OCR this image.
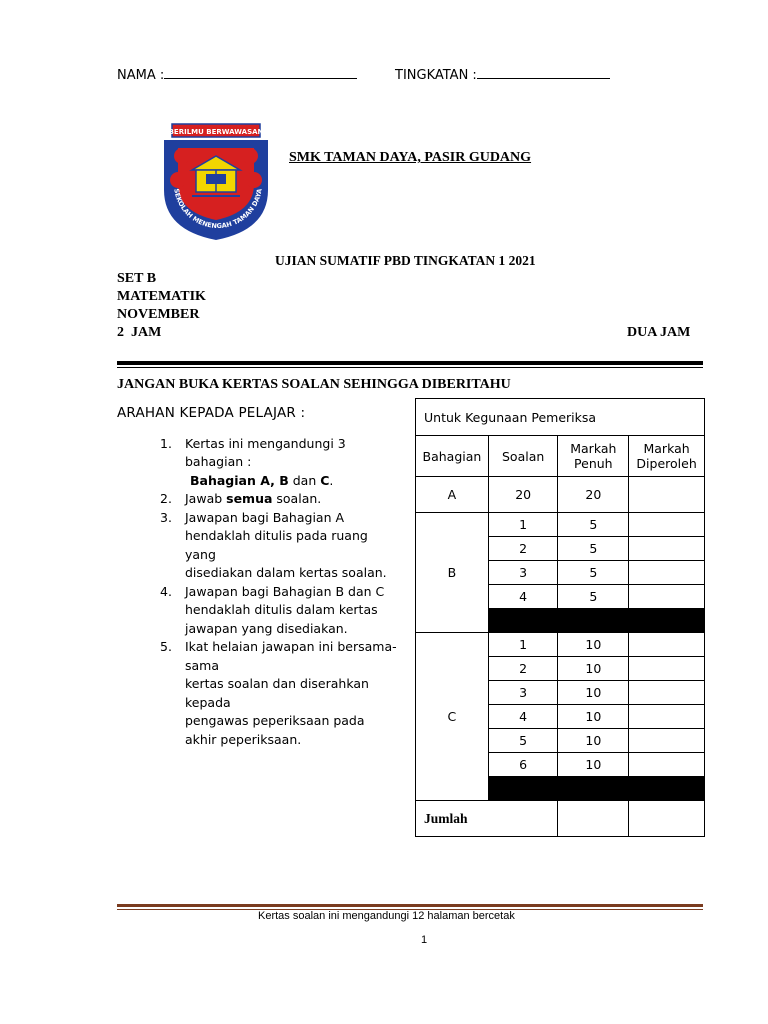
NAMA :	TINGKATAN :
BERILMU BERWAWASAN
SEKOLAH MENENGAH TAMAN DAYA
SMK TAMAN DAYA, PASIR GUDANG
UJIAN SUMATIF PBD TINGKATAN 1 2021
SET B
MATEMATIK
NOVEMBER
2  JAM	DUA JAM
JANGAN BUKA KERTAS SOALAN SEHINGGA DIBERITAHU
ARAHAN KEPADA PELAJAR :
1. Kertas ini mengandungi 3
bahagian :
Bahagian A, B dan C.
2. Jawab semua soalan.
3. Jawapan bagi Bahagian A
hendaklah ditulis pada ruang yang
disediakan dalam kertas soalan.
4. Jawapan bagi Bahagian B dan C
hendaklah ditulis dalam kertas
jawapan yang disediakan.
5. Ikat helaian jawapan ini bersama-
sama
kertas soalan dan diserahkan
kepada
pengawas peperiksaan pada
akhir peperiksaan.
Untuk Kegunaan Pemeriksa			
Bahagian	Soalan	Markah Penuh	Markah Diperoleh
A	20	20	
B	1	5	
	2	5	
	3	5	
	4	5	

C	1	10	
	2	10	
	3	10	
	4	10	
	5	10	
	6	10	

Jumlah			
Kertas soalan ini mengandungi 12 halaman bercetak
1
